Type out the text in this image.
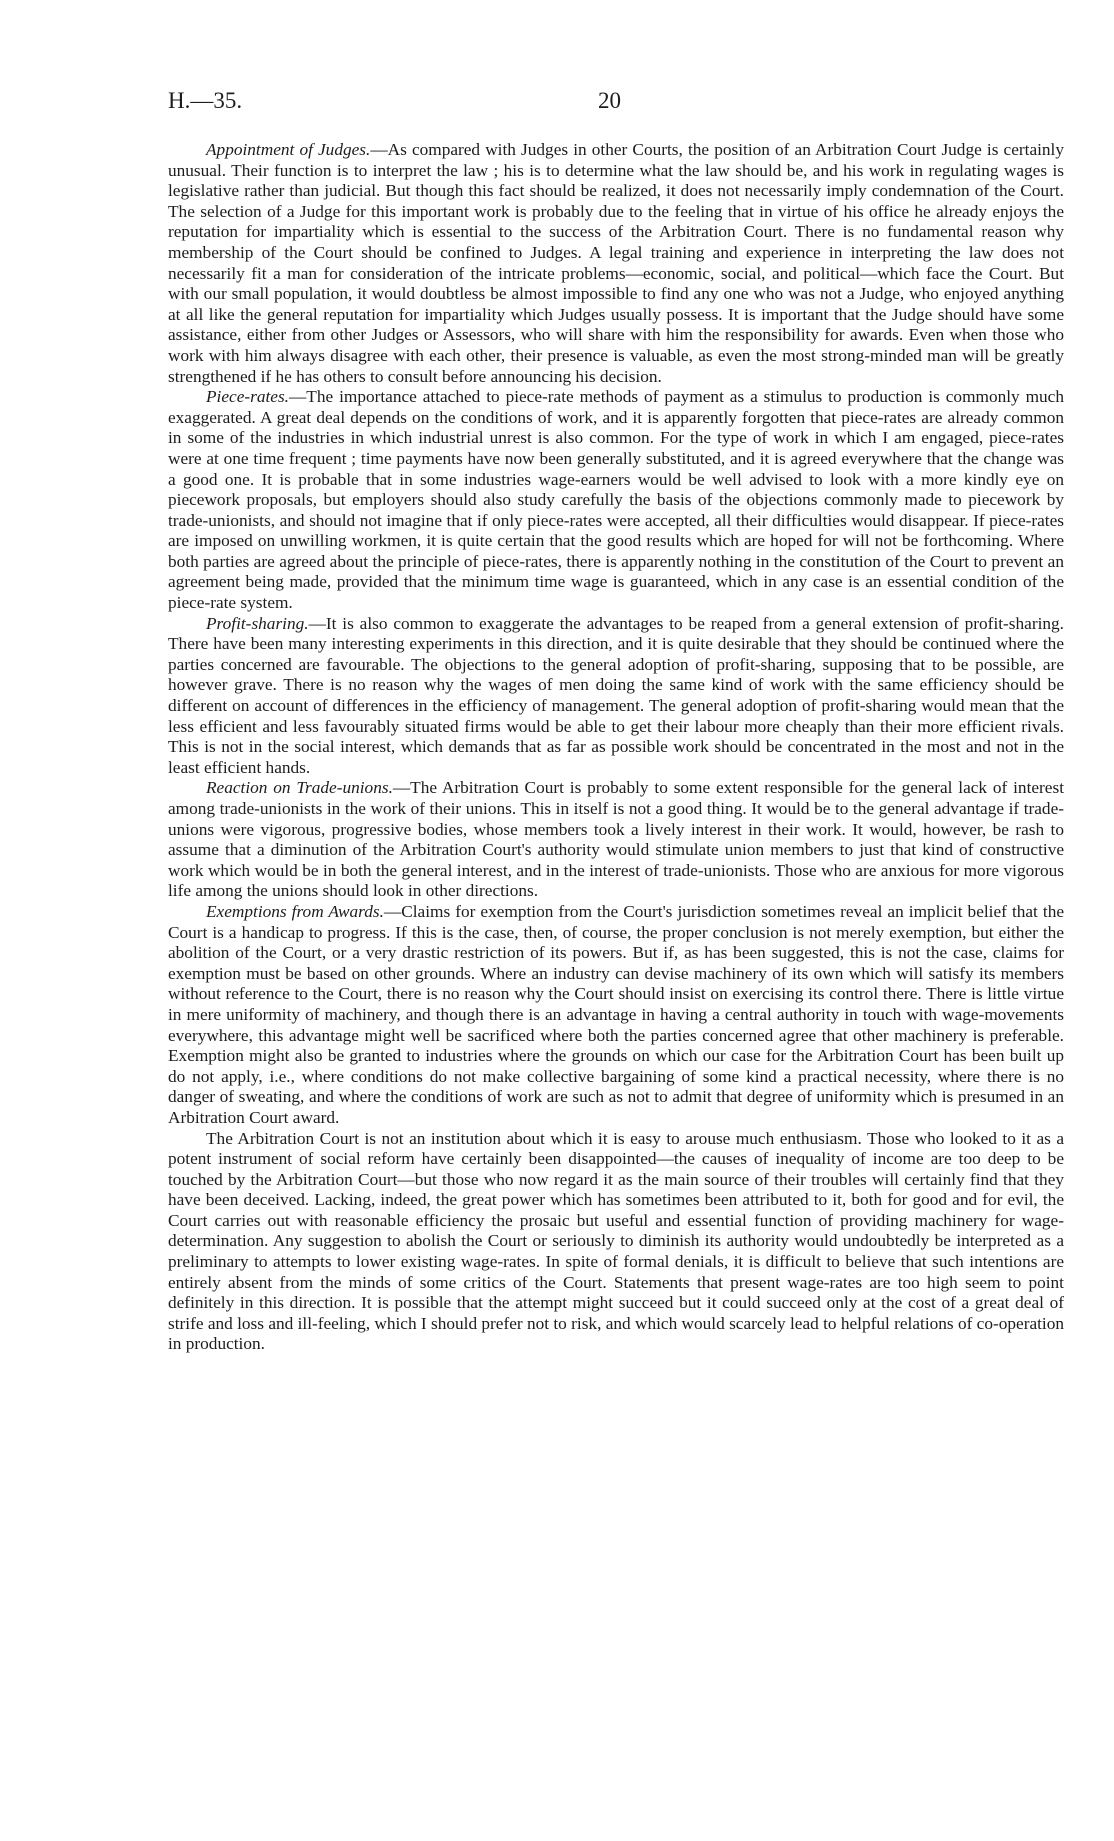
H.—35.	20

Appointment of Judges.—As compared with Judges in other Courts, the position of an Arbitration Court Judge is certainly unusual. Their function is to interpret the law ; his is to determine what the law should be, and his work in regulating wages is legislative rather than judicial. But though this fact should be realized, it does not necessarily imply condemnation of the Court. The selection of a Judge for this important work is probably due to the feeling that in virtue of his office he already enjoys the reputation for impartiality which is essential to the success of the Arbitration Court. There is no fundamental reason why membership of the Court should be confined to Judges. A legal training and experience in interpreting the law does not necessarily fit a man for consideration of the intricate problems—economic, social, and political—which face the Court. But with our small population, it would doubtless be almost impossible to find any one who was not a Judge, who enjoyed anything at all like the general reputation for impartiality which Judges usually possess. It is important that the Judge should have some assistance, either from other Judges or Assessors, who will share with him the responsibility for awards. Even when those who work with him always disagree with each other, their presence is valuable, as even the most strong-minded man will be greatly strengthened if he has others to consult before announcing his decision.

Piece-rates.—The importance attached to piece-rate methods of payment as a stimulus to production is commonly much exaggerated. A great deal depends on the conditions of work, and it is apparently forgotten that piece-rates are already common in some of the industries in which industrial unrest is also common. For the type of work in which I am engaged, piece-rates were at one time frequent ; time payments have now been generally substituted, and it is agreed everywhere that the change was a good one. It is probable that in some industries wage-earners would be well advised to look with a more kindly eye on piecework proposals, but employers should also study carefully the basis of the objections commonly made to piecework by trade-unionists, and should not imagine that if only piece-rates were accepted, all their difficulties would disappear. If piece-rates are imposed on unwilling workmen, it is quite certain that the good results which are hoped for will not be forthcoming. Where both parties are agreed about the principle of piece-rates, there is apparently nothing in the constitution of the Court to prevent an agreement being made, provided that the minimum time wage is guaranteed, which in any case is an essential condition of the piece-rate system.

Profit-sharing.—It is also common to exaggerate the advantages to be reaped from a general extension of profit-sharing. There have been many interesting experiments in this direction, and it is quite desirable that they should be continued where the parties concerned are favourable. The objections to the general adoption of profit-sharing, supposing that to be possible, are however grave. There is no reason why the wages of men doing the same kind of work with the same efficiency should be different on account of differences in the efficiency of management. The general adoption of profit-sharing would mean that the less efficient and less favourably situated firms would be able to get their labour more cheaply than their more efficient rivals. This is not in the social interest, which demands that as far as possible work should be concentrated in the most and not in the least efficient hands.

Reaction on Trade-unions.—The Arbitration Court is probably to some extent responsible for the general lack of interest among trade-unionists in the work of their unions. This in itself is not a good thing. It would be to the general advantage if trade-unions were vigorous, progressive bodies, whose members took a lively interest in their work. It would, however, be rash to assume that a diminution of the Arbitration Court's authority would stimulate union members to just that kind of constructive work which would be in both the general interest, and in the interest of trade-unionists. Those who are anxious for more vigorous life among the unions should look in other directions.

Exemptions from Awards.—Claims for exemption from the Court's jurisdiction sometimes reveal an implicit belief that the Court is a handicap to progress. If this is the case, then, of course, the proper conclusion is not merely exemption, but either the abolition of the Court, or a very drastic restriction of its powers. But if, as has been suggested, this is not the case, claims for exemption must be based on other grounds. Where an industry can devise machinery of its own which will satisfy its members without reference to the Court, there is no reason why the Court should insist on exercising its control there. There is little virtue in mere uniformity of machinery, and though there is an advantage in having a central authority in touch with wage-movements everywhere, this advantage might well be sacrificed where both the parties concerned agree that other machinery is preferable. Exemption might also be granted to industries where the grounds on which our case for the Arbitration Court has been built up do not apply, i.e., where conditions do not make collective bargaining of some kind a practical necessity, where there is no danger of sweating, and where the conditions of work are such as not to admit that degree of uniformity which is presumed in an Arbitration Court award.

The Arbitration Court is not an institution about which it is easy to arouse much enthusiasm. Those who looked to it as a potent instrument of social reform have certainly been disappointed—the causes of inequality of income are too deep to be touched by the Arbitration Court—but those who now regard it as the main source of their troubles will certainly find that they have been deceived. Lacking, indeed, the great power which has sometimes been attributed to it, both for good and for evil, the Court carries out with reasonable efficiency the prosaic but useful and essential function of providing machinery for wage-determination. Any suggestion to abolish the Court or seriously to diminish its authority would undoubtedly be interpreted as a preliminary to attempts to lower existing wage-rates. In spite of formal denials, it is difficult to believe that such intentions are entirely absent from the minds of some critics of the Court. Statements that present wage-rates are too high seem to point definitely in this direction. It is possible that the attempt might succeed but it could succeed only at the cost of a great deal of strife and loss and ill-feeling, which I should prefer not to risk, and which would scarcely lead to helpful relations of co-operation in production.
